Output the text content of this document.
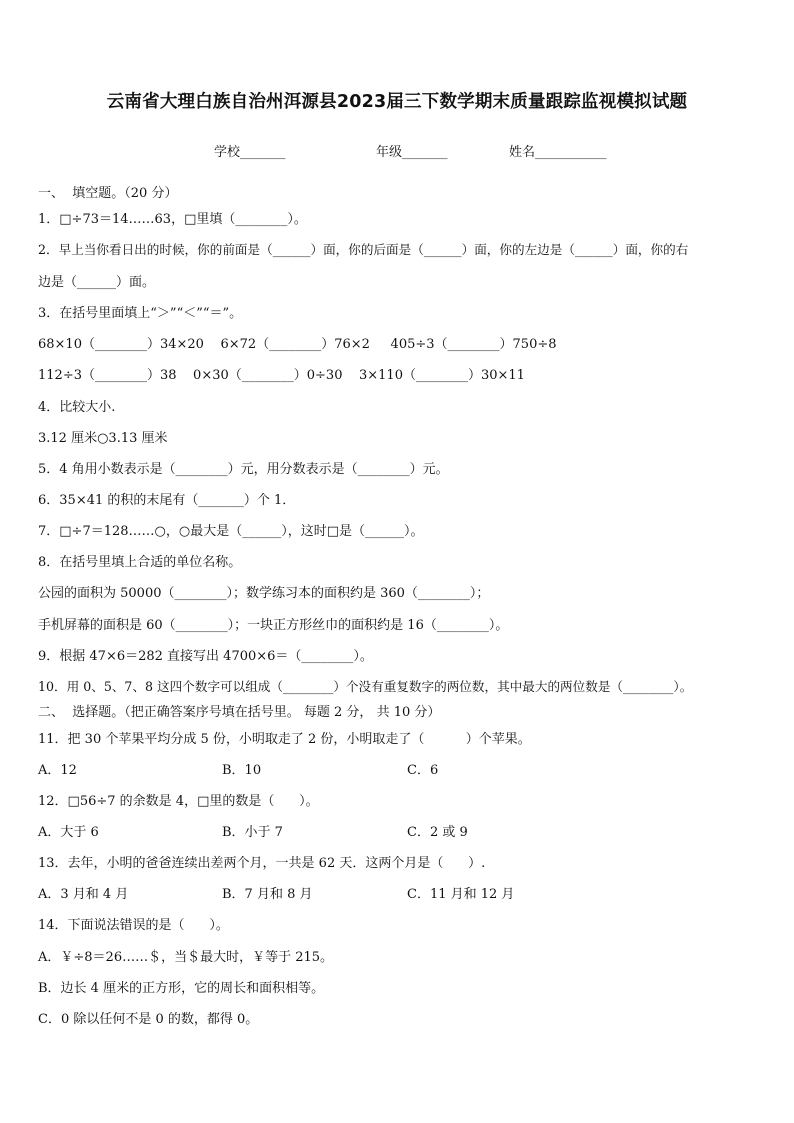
云南省大理白族自治州洱源县2023届三下数学期末质量跟踪监视模拟试题
学校_______	年级_______	姓名___________
一、  填空题。（20 分）
1．□÷73＝14……63，□里填（________）。
2．早上当你看日出的时候，你的前面是（______）面，你的后面是（______）面，你的左边是（______）面，你的右
边是（______）面。
3．在括号里面填上“＞”“＜”“＝”。
68×10（________）34×20    6×72（________）76×2     405÷3（________）750÷8
112÷3（________）38    0×30（________）0÷30    3×110（________）30×11
4．比较大小.
3.12 厘米○3.13 厘米
5．4 角用小数表示是（________）元，用分数表示是（________）元。
6．35×41 的积的末尾有（_______）个 1．
7．□÷7＝128……○，○最大是（______），这时□是（______）。
8．在括号里填上合适的单位名称。
公园的面积为 50000（________）；数学练习本的面积约是 360（________）；
手机屏幕的面积是 60（________）；一块正方形丝巾的面积约是 16（________）。
9．根据 47×6＝282 直接写出 4700×6＝（________）。
10．用 0、5、7、8 这四个数字可以组成（________）个没有重复数字的两位数，其中最大的两位数是（________）。
二、  选择题。（把正确答案序号填在括号里。 每题 2 分， 共 10 分）
11．把 30 个苹果平均分成 5 份，小明取走了 2 份，小明取走了（          ）个苹果。
A．12	B．10	C．6
12．□56÷7 的余数是 4，□里的数是（      ）。
A．大于 6	B．小于 7	C．2 或 9
13．去年，小明的爸爸连续出差两个月，一共是 62 天．这两个月是（      ）.
A．3 月和 4 月	B．7 月和 8 月	C．11 月和 12 月
14．下面说法错误的是（      ）。
A．￥÷8＝26……＄，当＄最大时，￥等于 215。
B．边长 4 厘米的正方形，它的周长和面积相等。
C．0 除以任何不是 0 的数，都得 0。
